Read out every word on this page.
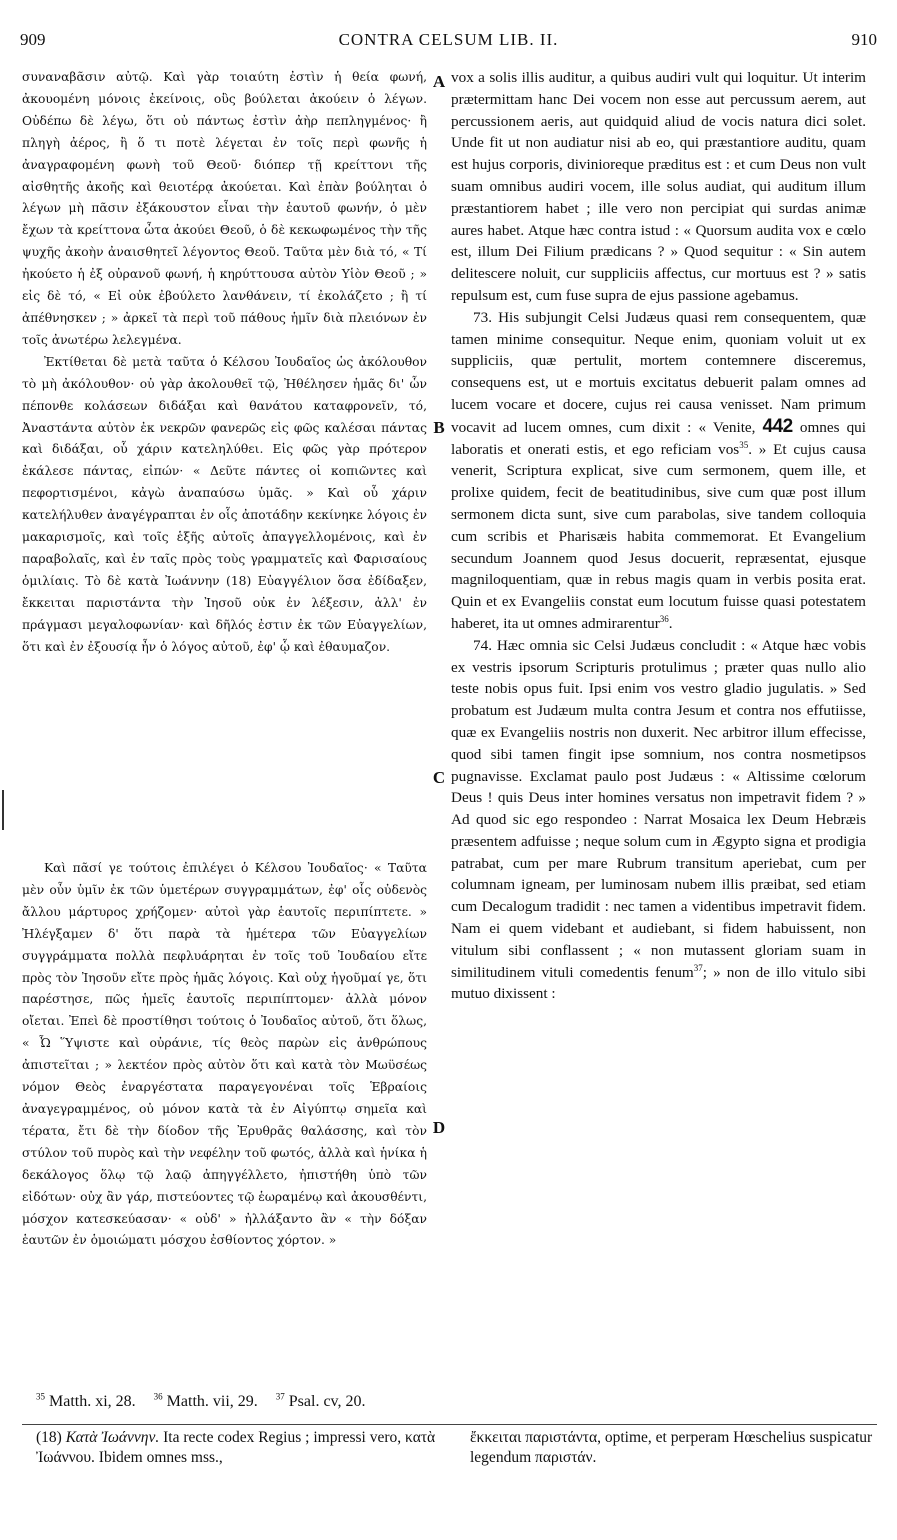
909	CONTRA CELSUM LIB. II.	910
A
B
C
D

συναναβᾶσιν αὐτῷ. Καὶ γὰρ τοιαύτη ἐστὶν ἡ θεία φωνή, ἀκουομένη μόνοις ἐκείνοις, οὓς βούλεται ἀκούειν ὁ λέγων. Οὐδέπω δὲ λέγω, ὅτι οὐ πάντως ἐστὶν ἀὴρ πεπληγμένος· ἢ πληγὴ ἀέρος, ἢ ὅ τι ποτὲ λέγεται ἐν τοῖς περὶ φωνῆς ἡ ἀναγραφομένη φωνὴ τοῦ Θεοῦ· διόπερ τῇ κρείττονι τῆς αἰσθητῆς ἀκοῆς καὶ θειοτέρᾳ ἀκούεται. Καὶ ἐπὰν βούληται ὁ λέγων μὴ πᾶσιν ἐξάκουστον εἶναι τὴν ἑαυτοῦ φωνήν, ὁ μὲν ἔχων τὰ κρείττονα ὦτα ἀκούει Θεοῦ, ὁ δὲ κεκωφωμένος τὴν τῆς ψυχῆς ἀκοὴν ἀναισθητεῖ λέγοντος Θεοῦ. Ταῦτα μὲν διὰ τό, « Τί ἠκούετο ἡ ἐξ οὐρανοῦ φωνή, ἡ κηρύττουσα αὐτὸν Υἱὸν Θεοῦ ; » εἰς δὲ τό, « Εἰ οὐκ ἐβούλετο λανθάνειν, τί ἐκολάζετο ; ἢ τί ἀπέθνησκεν ; » ἀρκεῖ τὰ περὶ τοῦ πάθους ἡμῖν διὰ πλειόνων ἐν τοῖς ἀνωτέρω λελεγμένα.

Ἐκτίθεται δὲ μετὰ ταῦτα ὁ Κέλσου Ἰουδαῖος ὡς ἀκόλουθον τὸ μὴ ἀκόλουθον· οὐ γὰρ ἀκολουθεῖ τῷ, Ἠθέλησεν ἡμᾶς δι' ὧν πέπονθε κολάσεων διδάξαι καὶ θανάτου καταφρονεῖν, τό, Ἀναστάντα αὐτὸν ἐκ νεκρῶν φανερῶς εἰς φῶς καλέσαι πάντας καὶ διδάξαι, οὗ χάριν κατεληλύθει. Εἰς φῶς γὰρ πρότερον ἐκάλεσε πάντας, εἰπών· « Δεῦτε πάντες οἱ κοπιῶντες καὶ πεφορτισμένοι, κἀγὼ ἀναπαύσω ὑμᾶς. » Καὶ οὗ χάριν κατελήλυθεν ἀναγέγραπται ἐν οἷς ἀποτάδην κεκίνηκε λόγοις ἐν μακαρισμοῖς, καὶ τοῖς ἑξῆς αὐτοῖς ἀπαγγελλομένοις, καὶ ἐν παραβολαῖς, καὶ ἐν ταῖς πρὸς τοὺς γραμματεῖς καὶ Φαρισαίους ὁμιλίαις. Τὸ δὲ κατὰ Ἰωάννην (18) Εὐαγγέλιον ὅσα ἐδίδαξεν, ἔκκειται παριστάντα τὴν Ἰησοῦ οὐκ ἐν λέξεσιν, ἀλλ' ἐν πράγμασι μεγαλοφωνίαν· καὶ δῆλός ἐστιν ἐκ τῶν Εὐαγγελίων, ὅτι καὶ ἐν ἐξουσίᾳ ἦν ὁ λόγος αὐτοῦ, ἐφ' ᾧ καὶ ἐθαυμαζον.

Καὶ πᾶσί γε τούτοις ἐπιλέγει ὁ Κέλσου Ἰουδαῖος· « Ταῦτα μὲν οὖν ὑμῖν ἐκ τῶν ὑμετέρων συγγραμμάτων, ἐφ' οἷς οὐδενὸς ἄλλου μάρτυρος χρήζομεν· αὐτοὶ γὰρ ἑαυτοῖς περιπίπτετε. » Ἠλέγξαμεν δ' ὅτι παρὰ τὰ ἡμέτερα τῶν Εὐαγγελίων συγγράμματα πολλὰ πεφλυάρηται ἐν τοῖς τοῦ Ἰουδαίου εἴτε πρὸς τὸν Ἰησοῦν εἴτε πρὸς ἡμᾶς λόγοις. Καὶ οὐχ ἡγοῦμαί γε, ὅτι παρέστησε, πῶς ἡμεῖς ἑαυτοῖς περιπίπτομεν· ἀλλὰ μόνον οἴεται. Ἐπεὶ δὲ προστίθησι τούτοις ὁ Ἰουδαῖος αὐτοῦ, ὅτι ὅλως, « Ὦ Ὕψιστε καὶ οὐράνιε, τίς θεὸς παρὼν εἰς ἀνθρώπους ἀπιστεῖται ; » λεκτέον πρὸς αὐτὸν ὅτι καὶ κατὰ τὸν Μωϋσέως νόμον Θεὸς ἐναργέστατα παραγεγονέναι τοῖς Ἑβραίοις ἀναγεγραμμένος, οὐ μόνον κατὰ τὰ ἐν Αἰγύπτῳ σημεῖα καὶ τέρατα, ἔτι δὲ τὴν δίοδον τῆς Ἐρυθρᾶς θαλάσσης, καὶ τὸν στύλον τοῦ πυρὸς καὶ τὴν νεφέλην τοῦ φωτός, ἀλλὰ καὶ ἡνίκα ἡ δεκάλογος ὅλῳ τῷ λαῷ ἀπηγγέλλετο, ἠπιστήθη ὑπὸ τῶν εἰδότων· οὐχ ἂν γάρ, πιστεύοντες τῷ ἑωραμένῳ καὶ ἀκουσθέντι, μόσχον κατεσκεύασαν· « οὐδ' » ἠλλάξαντο ἂν « τὴν δόξαν ἑαυτῶν ἐν ὁμοιώματι μόσχου ἐσθίοντος χόρτον. »

vox a solis illis auditur, a quibus audiri vult qui loquitur. Ut interim prætermittam hanc Dei vocem non esse aut percussum aerem, aut percussionem aeris, aut quidquid aliud de vocis natura dici solet. Unde fit ut non audiatur nisi ab eo, qui præstantiore auditu, quam est hujus corporis, divinioreque præditus est : et cum Deus non vult suam omnibus audiri vocem, ille solus audiat, qui auditum illum præstantiorem habet ; ille vero non percipiat qui surdas animæ aures habet. Atque hæc contra istud : « Quorsum audita vox e cœlo est, illum Dei Filium prædicans ? » Quod sequitur : « Sin autem delitescere noluit, cur suppliciis affectus, cur mortuus est ? » satis repulsum est, cum fuse supra de ejus passione agebamus.

73. His subjungit Celsi Judæus quasi rem consequentem, quæ tamen minime consequitur. Neque enim, quoniam voluit ut ex suppliciis, quæ pertulit, mortem contemnere disceremus, consequens est, ut e mortuis excitatus debuerit palam omnes ad lucem vocare et docere, cujus rei causa venisset. Nam primum vocavit ad lucem omnes, cum dixit : « Venite, 442 omnes qui laboratis et onerati estis, et ego reficiam vos$^{35}$. » Et cujus causa venerit, Scriptura explicat, sive cum sermonem, quem ille, et prolixe quidem, fecit de beatitudinibus, sive cum quæ post illum sermonem dicta sunt, sive cum parabolas, sive tandem colloquia cum scribis et Pharisæis habita commemorat. Et Evangelium secundum Joannem quod Jesus docuerit, repræsentat, ejusque magniloquentiam, quæ in rebus magis quam in verbis posita erat. Quin et ex Evangeliis constat eum locutum fuisse quasi potestatem haberet, ita ut omnes admirarentur$^{36}$.

74. Hæc omnia sic Celsi Judæus concludit : « Atque hæc vobis ex vestris ipsorum Scripturis protulimus ; præter quas nullo alio teste nobis opus fuit. Ipsi enim vos vestro gladio jugulatis. » Sed probatum est Judæum multa contra Jesum et contra nos effutiisse, quæ ex Evangeliis nostris non duxerit. Nec arbitror illum effecisse, quod sibi tamen fingit ipse somnium, nos contra nosmetipsos pugnavisse. Exclamat paulo post Judæus : « Altissime cœlorum Deus ! quis Deus inter homines versatus non impetravit fidem ? » Ad quod sic ego respondeo : Narrat Mosaica lex Deum Hebræis præsentem adfuisse ; neque solum cum in Ægypto signa et prodigia patrabat, cum per mare Rubrum transitum aperiebat, cum per columnam igneam, per luminosam nubem illis præibat, sed etiam cum Decalogum tradidit : nec tamen a videntibus impetravit fidem. Nam ei quem videbant et audiebant, si fidem habuissent, non vitulum sibi conflassent ; « non mutassent gloriam suam in similitudinem vituli comedentis fenum$^{37}$; » non de illo vitulo sibi mutuo dixissent :

$^{35}$ Matth. xi, 28. $^{36}$ Matth. vii, 29. $^{37}$ Psal. cv, 20.
(18) Κατὰ Ἰωάννην. Ita recte codex Regius ; impressi vero, κατὰ Ἰωάννου. Ibidem omnes mss.,
ἔκκειται παριστάντα, optime, et perperam Hœschelius suspicatur legendum παριστάν.
